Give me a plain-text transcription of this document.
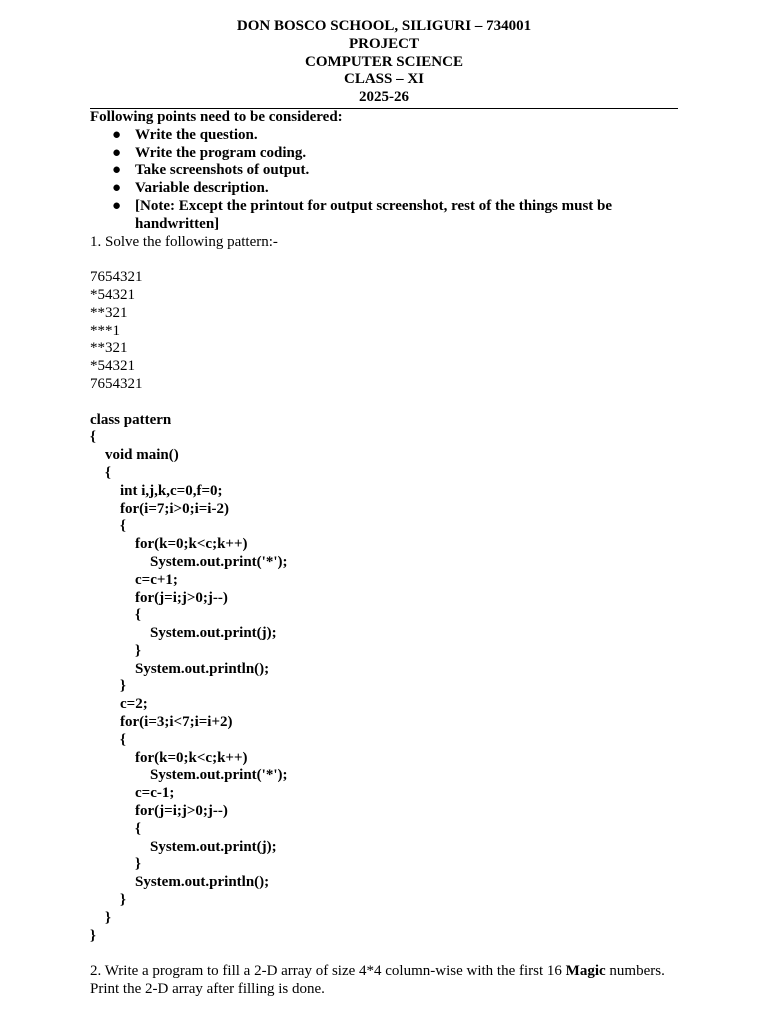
DON BOSCO SCHOOL, SILIGURI – 734001
PROJECT
COMPUTER SCIENCE
CLASS – XI
2025-26
Following points need to be considered:
● Write the question.
● Write the program coding.
● Take screenshots of output.
● Variable description.
● [Note: Except the printout for output screenshot, rest of the things must be handwritten]
1. Solve the following pattern:-
7654321
*54321
**321
***1
**321
*54321
7654321
class pattern
{
void main()
{
int i,j,k,c=0,f=0;
for(i=7;i>0;i=i-2)
{
for(k=0;k<c;k++)
System.out.print('*');
c=c+1;
for(j=i;j>0;j--)
{
System.out.print(j);
}
System.out.println();
}
c=2;
for(i=3;i<7;i=i+2)
{
for(k=0;k<c;k++)
System.out.print('*');
c=c-1;
for(j=i;j>0;j--)
{
System.out.print(j);
}
System.out.println();
}
}
}
2. Write a program to fill a 2-D array of size 4*4 column-wise with the first 16 Magic numbers. Print the 2-D array after filling is done.
